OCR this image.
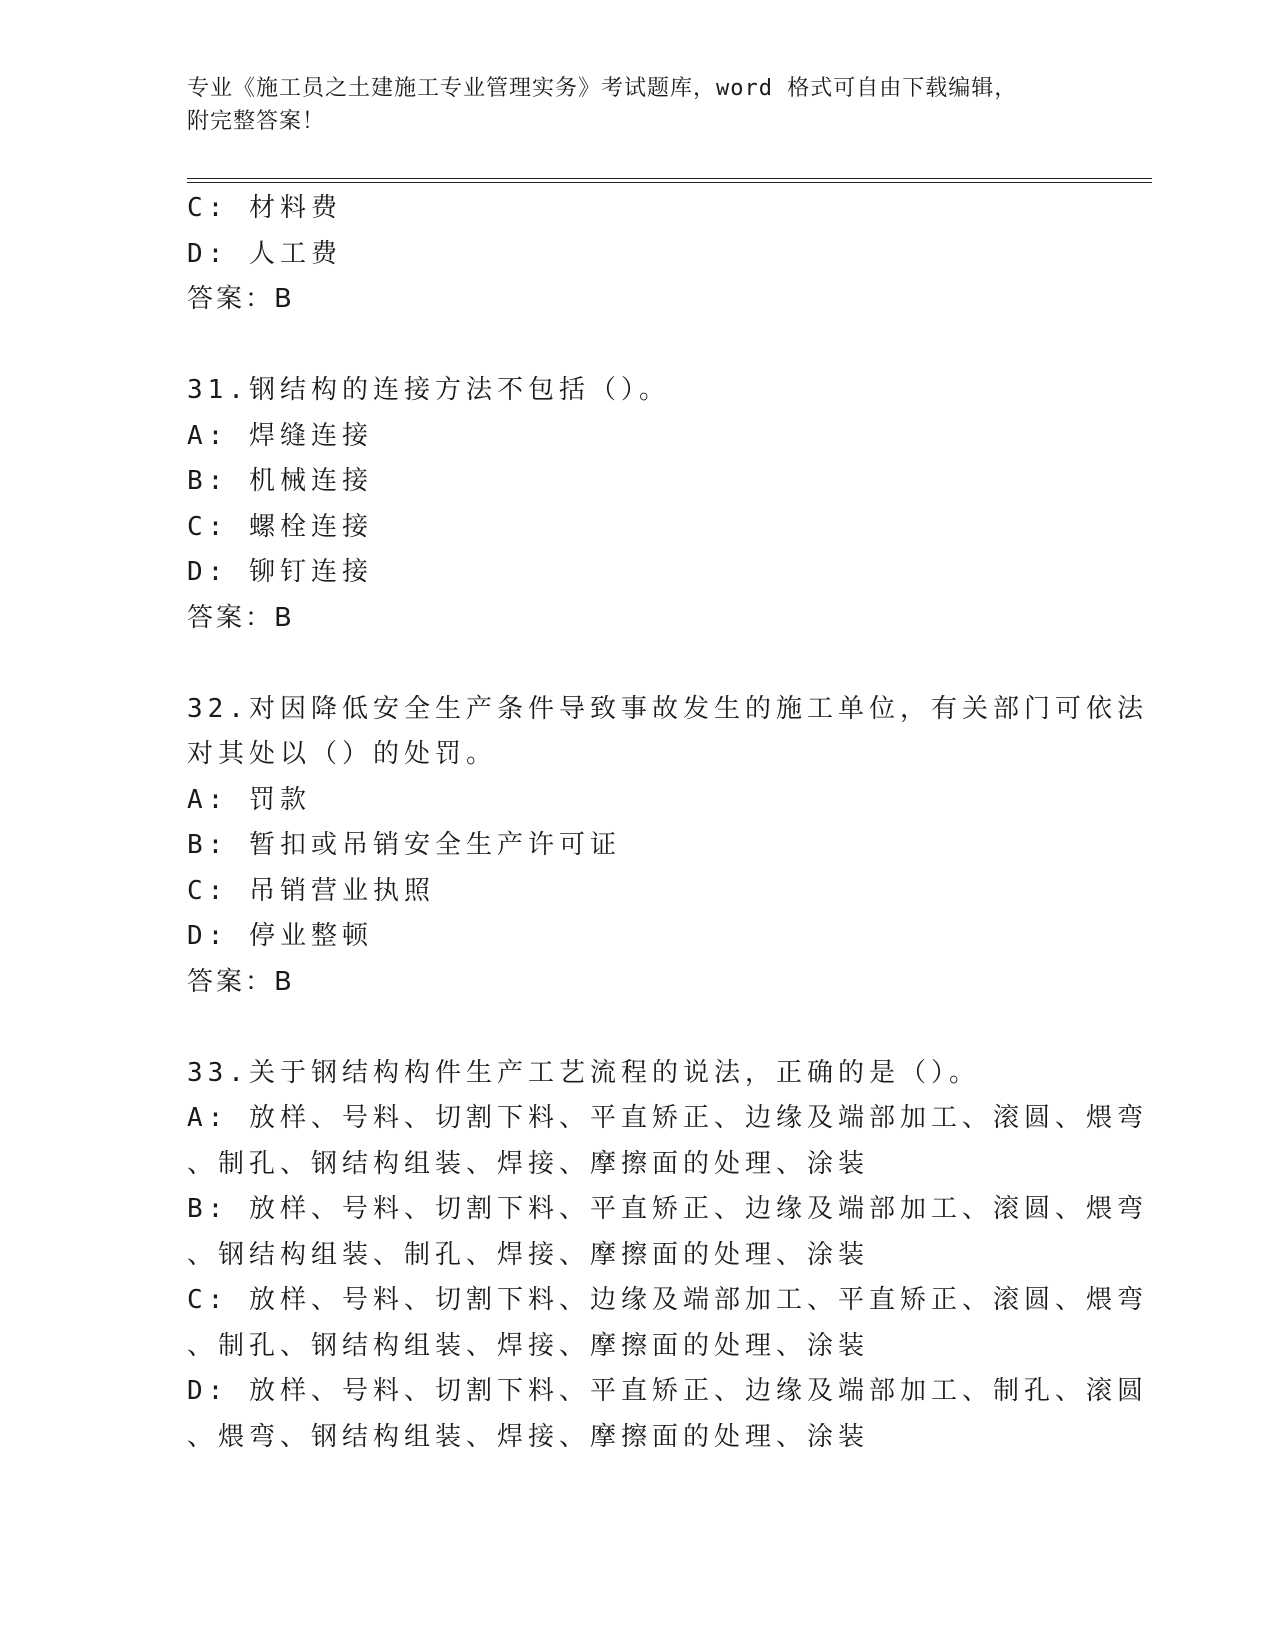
专业《施工员之土建施工专业管理实务》考试题库，word 格式可自由下载编辑，
附完整答案！
C: 材料费
D: 人工费
答案：B
31.钢结构的连接方法不包括（）。
A: 焊缝连接
B: 机械连接
C: 螺栓连接
D: 铆钉连接
答案：B
32.对因降低安全生产条件导致事故发生的施工单位，有关部门可依法
对其处以（）的处罚。
A: 罚款
B: 暂扣或吊销安全生产许可证
C: 吊销营业执照
D: 停业整顿
答案：B
33.关于钢结构构件生产工艺流程的说法，正确的是（）。
A: 放样、号料、切割下料、平直矫正、边缘及端部加工、滚圆、煨弯
、制孔、钢结构组装、焊接、摩擦面的处理、涂装
B: 放样、号料、切割下料、平直矫正、边缘及端部加工、滚圆、煨弯
、钢结构组装、制孔、焊接、摩擦面的处理、涂装
C: 放样、号料、切割下料、边缘及端部加工、平直矫正、滚圆、煨弯
、制孔、钢结构组装、焊接、摩擦面的处理、涂装
D: 放样、号料、切割下料、平直矫正、边缘及端部加工、制孔、滚圆
、煨弯、钢结构组装、焊接、摩擦面的处理、涂装
